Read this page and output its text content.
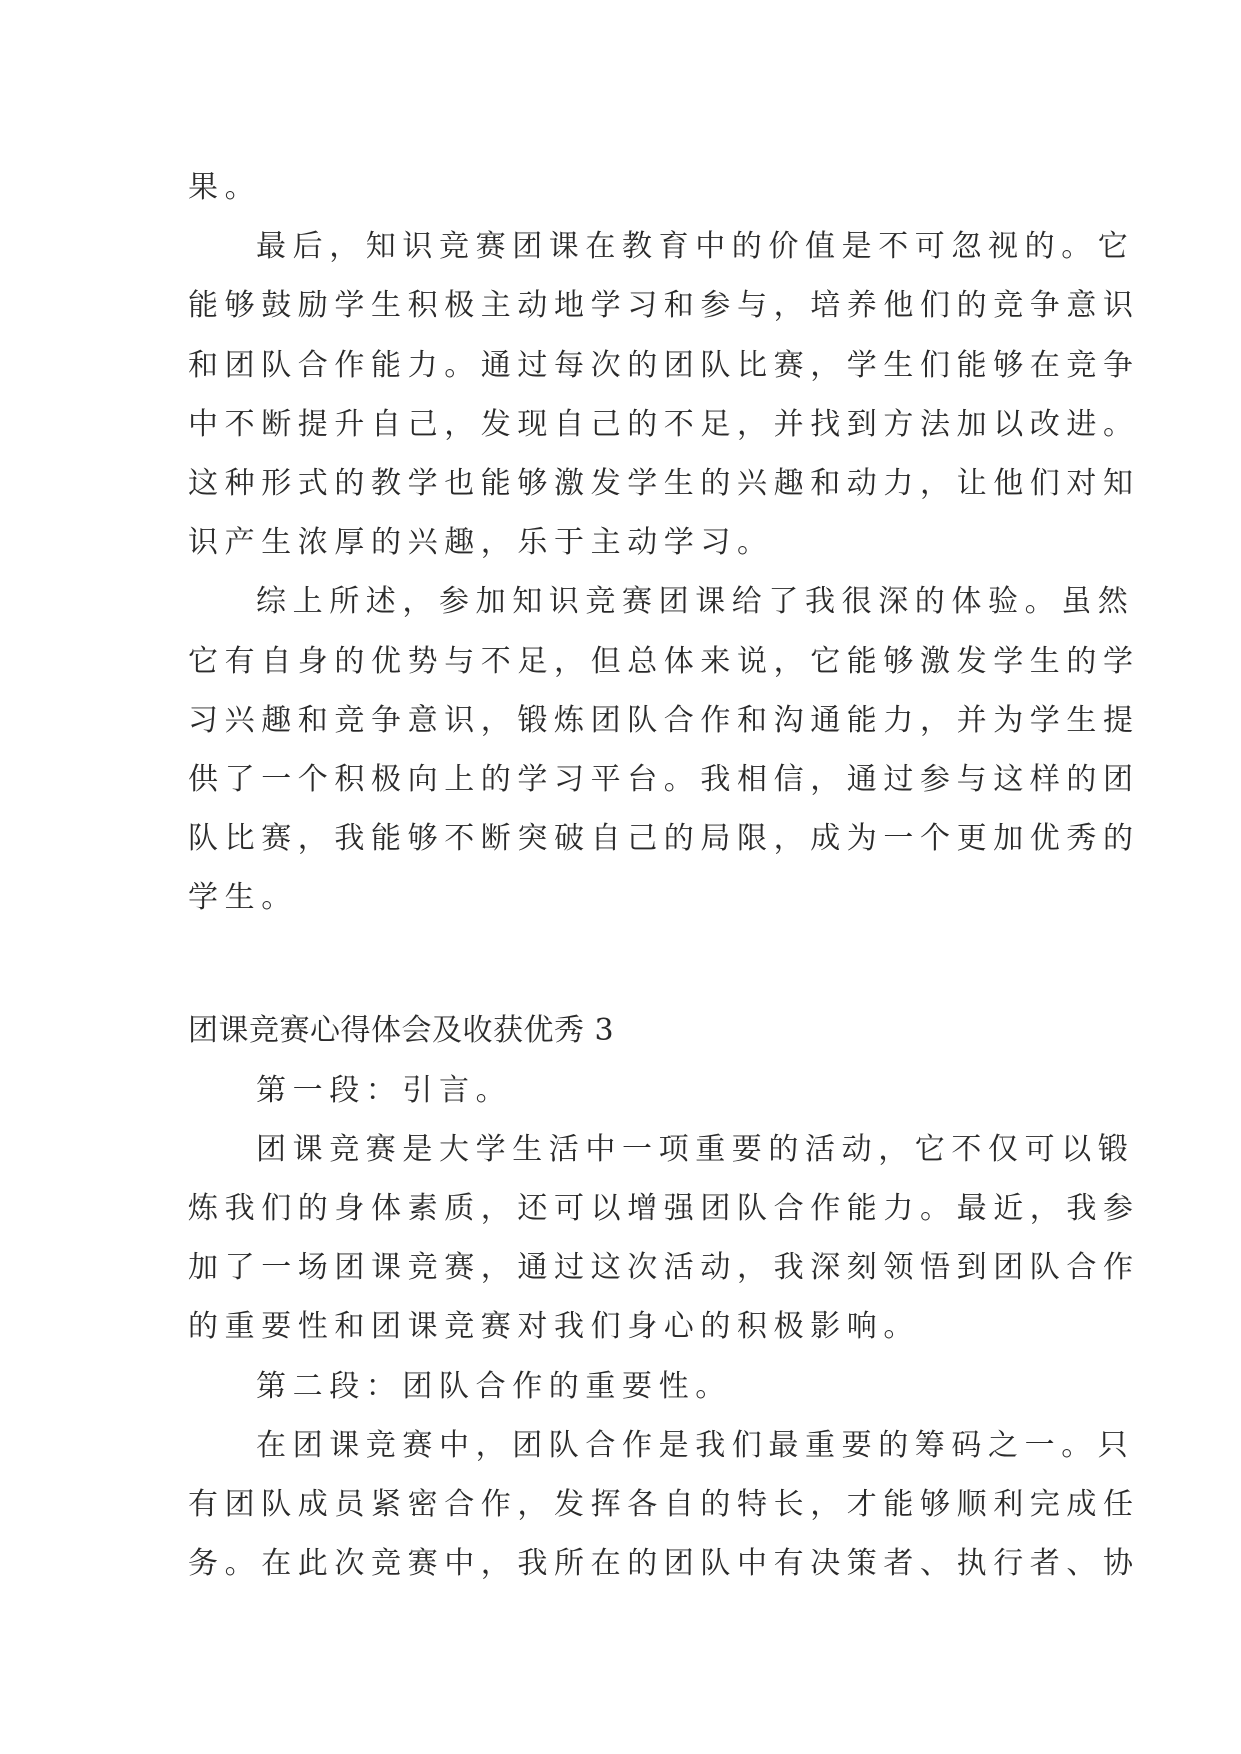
果。
最后，知识竞赛团课在教育中的价值是不可忽视的。它
能够鼓励学生积极主动地学习和参与，培养他们的竞争意识
和团队合作能力。通过每次的团队比赛，学生们能够在竞争
中不断提升自己，发现自己的不足，并找到方法加以改进。
这种形式的教学也能够激发学生的兴趣和动力，让他们对知
识产生浓厚的兴趣，乐于主动学习。
综上所述，参加知识竞赛团课给了我很深的体验。虽然
它有自身的优势与不足，但总体来说，它能够激发学生的学
习兴趣和竞争意识，锻炼团队合作和沟通能力，并为学生提
供了一个积极向上的学习平台。我相信，通过参与这样的团
队比赛，我能够不断突破自己的局限，成为一个更加优秀的
学生。
团课竞赛心得体会及收获优秀 3
第一段：引言。
团课竞赛是大学生活中一项重要的活动，它不仅可以锻
炼我们的身体素质，还可以增强团队合作能力。最近，我参
加了一场团课竞赛，通过这次活动，我深刻领悟到团队合作
的重要性和团课竞赛对我们身心的积极影响。
第二段：团队合作的重要性。
在团课竞赛中，团队合作是我们最重要的筹码之一。只
有团队成员紧密合作，发挥各自的特长，才能够顺利完成任
务。在此次竞赛中，我所在的团队中有决策者、执行者、协
